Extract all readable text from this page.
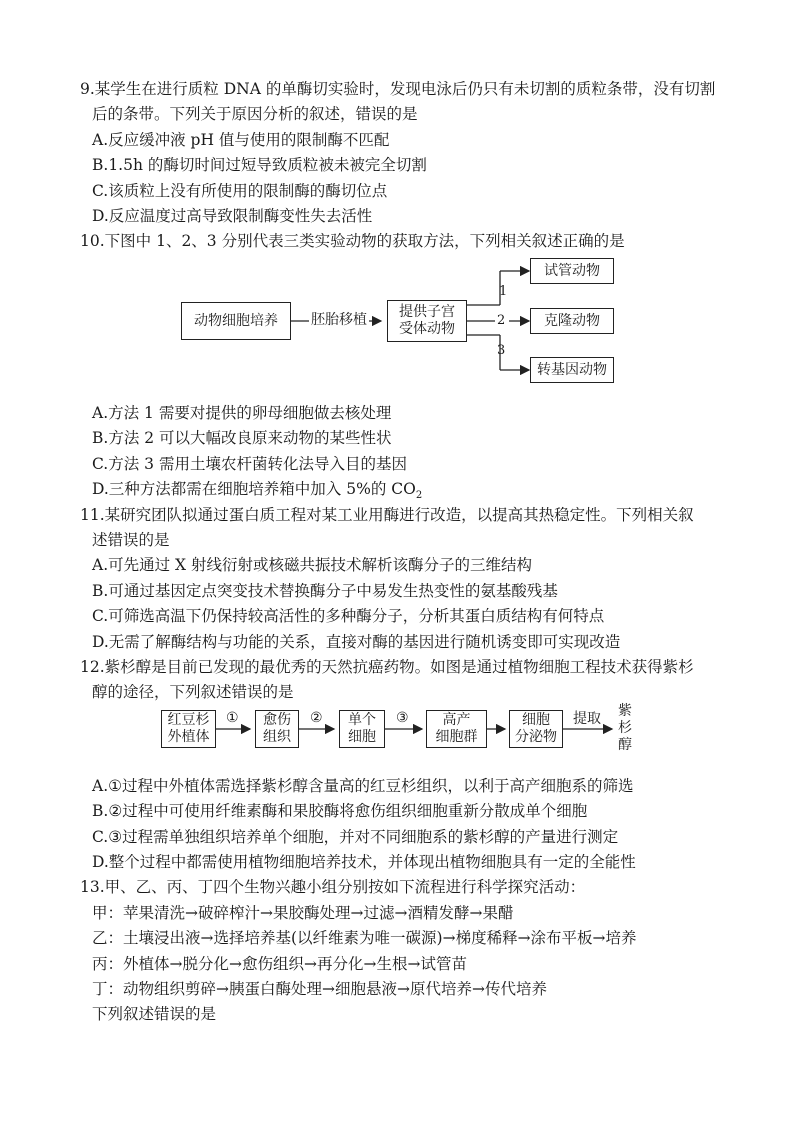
9.某学生在进行质粒 DNA 的单酶切实验时，发现电泳后仍只有未切割的质粒条带，没有切割
后的条带。下列关于原因分析的叙述，错误的是
A.反应缓冲液 pH 值与使用的限制酶不匹配
B.1.5h 的酶切时间过短导致质粒被未被完全切割
C.该质粒上没有所使用的限制酶的酶切位点
D.反应温度过高导致限制酶变性失去活性
10.下图中 1、2、3 分别代表三类实验动物的获取方法，下列相关叙述正确的是
动物细胞培养	胚胎移植 提供子宫
受体动物
1
2
3
试管动物
克隆动物
转基因动物
A.方法 1 需要对提供的卵母细胞做去核处理
B.方法 2 可以大幅改良原来动物的某些性状
C.方法 3 需用土壤农杆菌转化法导入目的基因
D.三种方法都需在细胞培养箱中加入 5%的 $CO_2$
11.某研究团队拟通过蛋白质工程对某工业用酶进行改造，以提高其热稳定性。下列相关叙
述错误的是
A.可先通过 X 射线衍射或核磁共振技术解析该酶分子的三维结构
B.可通过基因定点突变技术替换酶分子中易发生热变性的氨基酸残基
C.可筛选高温下仍保持较高活性的多种酶分子，分析其蛋白质结构有何特点
D.无需了解酶结构与功能的关系，直接对酶的基因进行随机诱变即可实现改造
12.紫杉醇是目前已发现的最优秀的天然抗癌药物。如图是通过植物细胞工程技术获得紫杉
醇的途径，下列叙述错误的是
红豆杉
外植体
① 愈伤
组织
② 单个
细胞
③ 高产
细胞群
细胞
分泌物
提取 紫
杉
醇
A.①过程中外植体需选择紫杉醇含量高的红豆杉组织，以利于高产细胞系的筛选
B.②过程中可使用纤维素酶和果胶酶将愈伤组织细胞重新分散成单个细胞
C.③过程需单独组织培养单个细胞，并对不同细胞系的紫杉醇的产量进行测定
D.整个过程中都需使用植物细胞培养技术，并体现出植物细胞具有一定的全能性
13.甲、乙、丙、丁四个生物兴趣小组分别按如下流程进行科学探究活动：
甲：苹果清洗→破碎榨汁→果胶酶处理→过滤→酒精发酵→果醋
乙：土壤浸出液→选择培养基(以纤维素为唯一碳源)→梯度稀释→涂布平板→培养
丙：外植体→脱分化→愈伤组织→再分化→生根→试管苗
丁：动物组织剪碎→胰蛋白酶处理→细胞悬液→原代培养→传代培养
下列叙述错误的是
